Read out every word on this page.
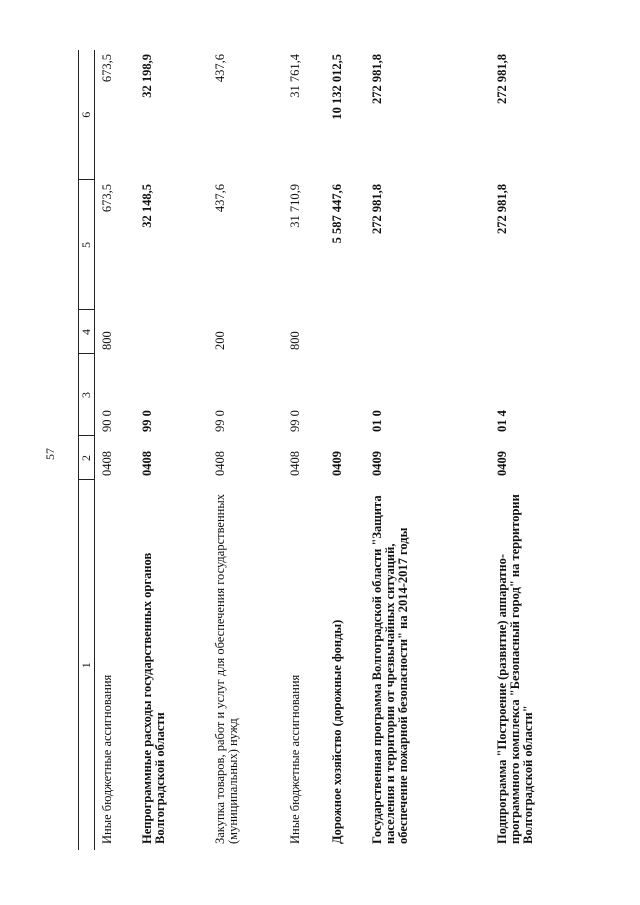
57
1	2	3	4	5	6
Иные бюджетные ассигнования	0408	90 0	800	673,5	673,5
Непрограммные расходы государственных органов Волгоградской области	0408	99 0		32 148,5	32 198,9
Закупка товаров, работ и услуг для обеспечения государственных (муниципальных) нужд	0408	99 0	200	437,6	437,6
Иные бюджетные ассигнования	0408	99 0	800	31 710,9	31 761,4
Дорожное хозяйство (дорожные фонды)	0409			5 587 447,6	10 132 012,5
Государственная программа Волгоградской области "Защита населения и территории от чрезвычайных ситуаций, обеспечение пожарной безопасности" на 2014-2017 годы	0409	01 0		272 981,8	272 981,8
Подпрограмма "Построение (развитие) аппаратно-программного комплекса "Безопасный город" на территории Волгоградской области"	0409	01 4		272 981,8	272 981,8
